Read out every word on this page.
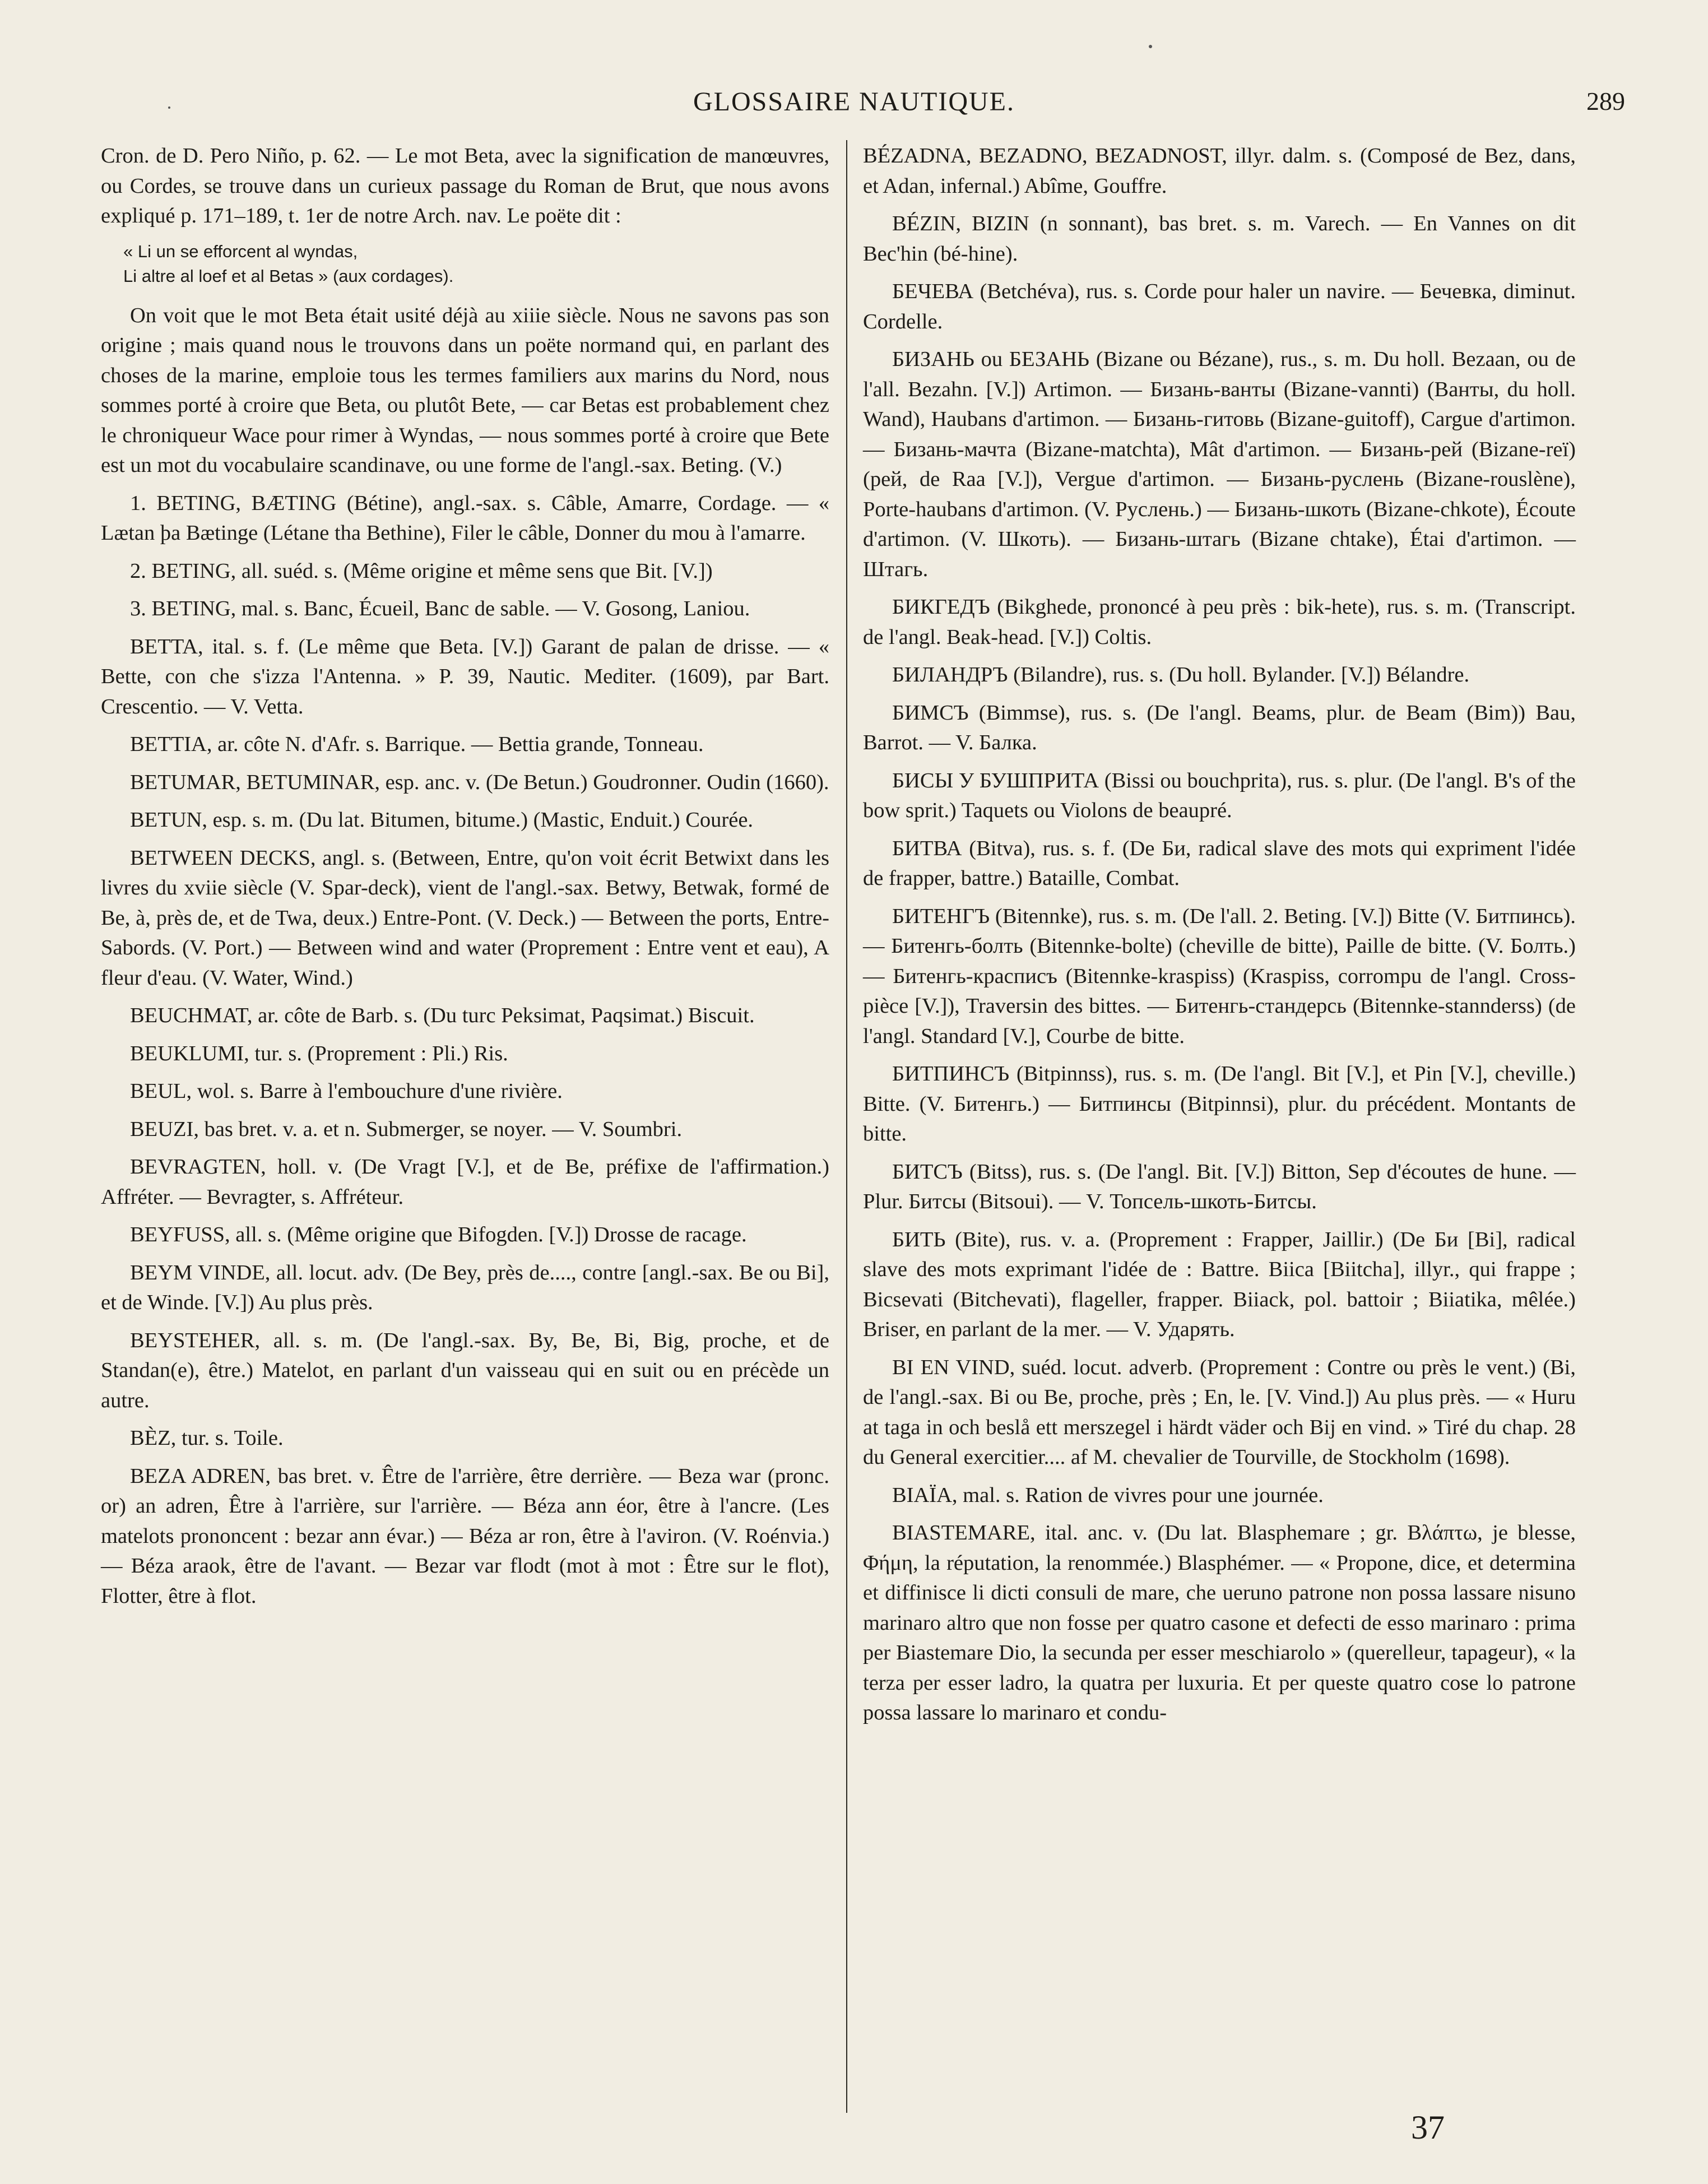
GLOSSAIRE NAUTIQUE.	289

Cron. de D. Pero Niño, p. 62. — Le mot Beta, avec la signification de manœuvres, ou Cordes, se trouve dans un curieux passage du Roman de Brut, que nous avons expliqué p. 171–189, t. 1er de notre Arch. nav. Le poëte dit :

« Li un se efforcent al wyndas,
Li altre al loef et al Betas » (aux cordages).

On voit que le mot Beta était usité déjà au xiiie siècle. Nous ne savons pas son origine ; mais quand nous le trouvons dans un poëte normand qui, en parlant des choses de la marine, emploie tous les termes familiers aux marins du Nord, nous sommes porté à croire que Beta, ou plutôt Bete, — car Betas est probablement chez le chroniqueur Wace pour rimer à Wyndas, — nous sommes porté à croire que Bete est un mot du vocabulaire scandinave, ou une forme de l'angl.-sax. Beting. (V.)

1. BETING, BÆTING (Bétine), angl.-sax. s. Câble, Amarre, Cordage. — « Lætan þa Bætinge (Létane tha Bethine), Filer le câble, Donner du mou à l'amarre.

2. BETING, all. suéd. s. (Même origine et même sens que Bit. [V.])

3. BETING, mal. s. Banc, Écueil, Banc de sable. — V. Gosong, Laniou.

BETTA, ital. s. f. (Le même que Beta. [V.]) Garant de palan de drisse. — « Bette, con che s'izza l'Antenna. » P. 39, Nautic. Mediter. (1609), par Bart. Crescentio. — V. Vetta.

BETTIA, ar. côte N. d'Afr. s. Barrique. — Bettia grande, Tonneau.

BETUMAR, BETUMINAR, esp. anc. v. (De Betun.) Goudronner. Oudin (1660).

BETUN, esp. s. m. (Du lat. Bitumen, bitume.) (Mastic, Enduit.) Courée.

BETWEEN DECKS, angl. s. (Between, Entre, qu'on voit écrit Betwixt dans les livres du xviie siècle (V. Spar-deck), vient de l'angl.-sax. Betwy, Betwak, formé de Be, à, près de, et de Twa, deux.) Entre-Pont. (V. Deck.) — Between the ports, Entre-Sabords. (V. Port.) — Between wind and water (Proprement : Entre vent et eau), A fleur d'eau. (V. Water, Wind.)

BEUCHMAT, ar. côte de Barb. s. (Du turc Peksimat, Paqsimat.) Biscuit.

BEUKLUMI, tur. s. (Proprement : Pli.) Ris.

BEUL, wol. s. Barre à l'embouchure d'une rivière.

BEUZI, bas bret. v. a. et n. Submerger, se noyer. — V. Soumbri.

BEVRAGTEN, holl. v. (De Vragt [V.], et de Be, préfixe de l'affirmation.) Affréter. — Bevragter, s. Affréteur.

BEYFUSS, all. s. (Même origine que Bifogden. [V.]) Drosse de racage.

BEYM VINDE, all. locut. adv. (De Bey, près de...., contre [angl.-sax. Be ou Bi], et de Winde. [V.]) Au plus près.

BEYSTEHER, all. s. m. (De l'angl.-sax. By, Be, Bi, Big, proche, et de Standan(e), être.) Matelot, en parlant d'un vaisseau qui en suit ou en précède un autre.

BÈZ, tur. s. Toile.

BEZA ADREN, bas bret. v. Être de l'arrière, être derrière. — Beza war (pronc. or) an adren, Être à l'arrière, sur l'arrière. — Béza ann éor, être à l'ancre. (Les matelots prononcent : bezar ann évar.) — Béza ar ron, être à l'aviron. (V. Roénvia.) — Béza araok, être de l'avant. — Bezar var flodt (mot à mot : Être sur le flot), Flotter, être à flot.

BÉZADNA, BEZADNO, BEZADNOST, illyr. dalm. s. (Composé de Bez, dans, et Adan, infernal.) Abîme, Gouffre.

BÉZIN, BIZIN (n sonnant), bas bret. s. m. Varech. — En Vannes on dit Bec'hin (bé-hine).

БЕЧЕВА (Betchéva), rus. s. Corde pour haler un navire. — Бечевка, diminut. Cordelle.

БИЗАНЬ ou БЕЗАНЬ (Bizane ou Bézane), rus., s. m. Du holl. Bezaan, ou de l'all. Bezahn. [V.]) Artimon. — Бизань-ванты (Bizane-vannti) (Ванты, du holl. Wand), Haubans d'artimon. — Бизань-гитовь (Bizane-guitoff), Cargue d'artimon. — Бизань-мачта (Bizane-matchta), Mât d'artimon. — Бизань-рей (Bizane-reï) (рей, de Raa [V.]), Vergue d'artimon. — Бизань-руслень (Bizane-rouslène), Porte-haubans d'artimon. (V. Руслень.) — Бизань-шкоть (Bizane-chkote), Écoute d'artimon. (V. Шкоть). — Бизань-штагь (Bizane chtake), Étai d'artimon. — Штагь.

БИКГЕДЪ (Bikghede, prononcé à peu près : bik-hete), rus. s. m. (Transcript. de l'angl. Beak-head. [V.]) Coltis.

БИЛАНДРЪ (Bilandre), rus. s. (Du holl. Bylander. [V.]) Bélandre.

БИМСЪ (Bimmse), rus. s. (De l'angl. Beams, plur. de Beam (Bim)) Bau, Barrot. — V. Балка.

БИСЫ У БУШПРИТА (Bissi ou bouchprita), rus. s. plur. (De l'angl. B's of the bow sprit.) Taquets ou Violons de beaupré.

БИТВА (Bitva), rus. s. f. (De Би, radical slave des mots qui expriment l'idée de frapper, battre.) Bataille, Combat.

БИТЕНГЪ (Bitennke), rus. s. m. (De l'all. 2. Beting. [V.]) Bitte (V. Битпинсь). — Битенгь-болть (Bitennke-bolte) (cheville de bitte), Paille de bitte. (V. Болть.) — Битенгь-красписъ (Bitennke-kraspiss) (Kraspiss, corrompu de l'angl. Cross-pièce [V.]), Traversin des bittes. — Битенгь-стандерсь (Bitennke-stannderss) (de l'angl. Standard [V.], Courbe de bitte.

БИТПИНСЪ (Bitpinnss), rus. s. m. (De l'angl. Bit [V.], et Pin [V.], cheville.) Bitte. (V. Битенгь.) — Битпинсы (Bitpinnsi), plur. du précédent. Montants de bitte.

БИТСЪ (Bitss), rus. s. (De l'angl. Bit. [V.]) Bitton, Sep d'écoutes de hune. — Plur. Битсы (Bitsoui). — V. Топсель-шкоть-Битсы.

БИТЬ (Bite), rus. v. a. (Proprement : Frapper, Jaillir.) (De Би [Bi], radical slave des mots exprimant l'idée de : Battre. Biica [Biitcha], illyr., qui frappe ; Bicsevati (Bitchevati), flageller, frapper. Biiack, pol. battoir ; Biiatika, mêlée.) Briser, en parlant de la mer. — V. Ударять.

BI EN VIND, suéd. locut. adverb. (Proprement : Contre ou près le vent.) (Bi, de l'angl.-sax. Bi ou Be, proche, près ; En, le. [V. Vind.]) Au plus près. — « Huru at taga in och beslå ett merszegel i härdt väder och Bij en vind. » Tiré du chap. 28 du General exercitier.... af M. chevalier de Tourville, de Stockholm (1698).

BIAÏA, mal. s. Ration de vivres pour une journée.

BIASTEMARE, ital. anc. v. (Du lat. Blasphemare ; gr. Βλάπτω, je blesse, Φήμη, la réputation, la renommée.) Blasphémer. — « Propone, dice, et determina et diffinisce li dicti consuli de mare, che ueruno patrone non possa lassare nisuno marinaro altro que non fosse per quatro casone et defecti de esso marinaro : prima per Biastemare Dio, la secunda per esser meschiarolo » (querelleur, tapageur), « la terza per esser ladro, la quatra per luxuria. Et per queste quatro cose lo patrone possa lassare lo marinaro et condu-

37
